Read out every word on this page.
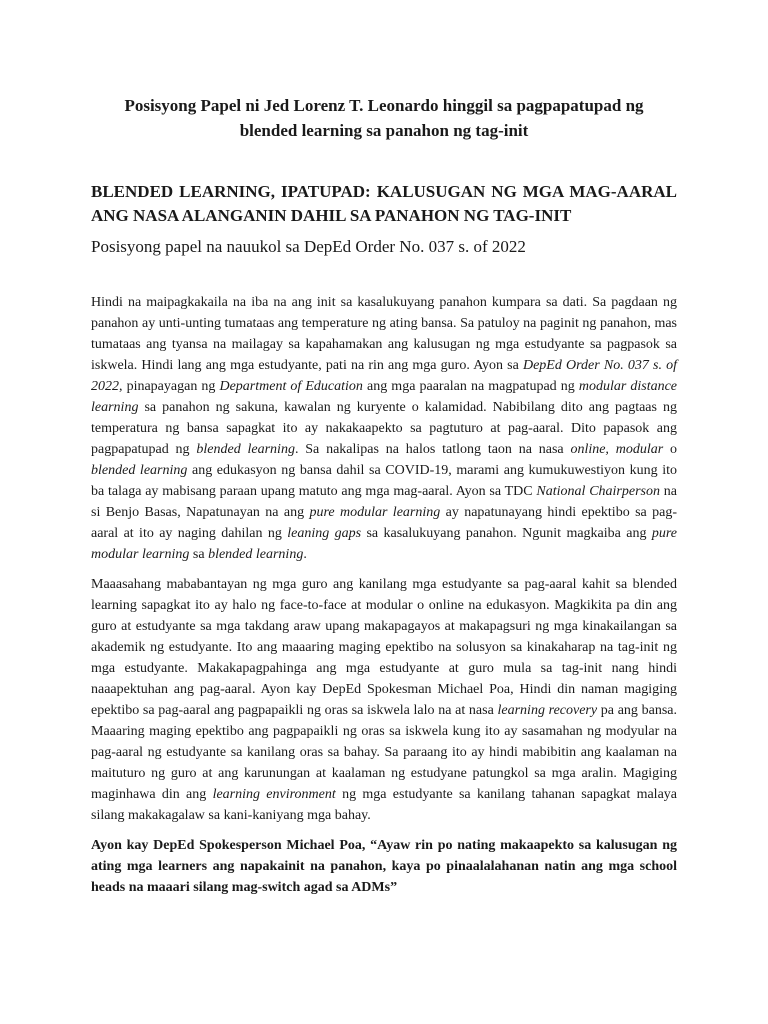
Posisyong Papel ni Jed Lorenz T. Leonardo hinggil sa pagpapatupad ng
blended learning sa panahon ng tag-init
BLENDED LEARNING, IPATUPAD: KALUSUGAN NG MGA MAG-AARAL ANG NASA ALANGANIN DAHIL SA PANAHON NG TAG-INIT
Posisyong papel na nauukol sa DepEd Order No. 037 s. of 2022

Hindi na maipagkakaila na iba na ang init sa kasalukuyang panahon kumpara sa dati. Sa pagdaan ng panahon ay unti-unting tumataas ang temperature ng ating bansa. Sa patuloy na paginit ng panahon, mas tumataas ang tyansa na mailagay sa kapahamakan ang kalusugan ng mga estudyante sa pagpasok sa iskwela. Hindi lang ang mga estudyante, pati na rin ang mga guro. Ayon sa DepEd Order No. 037 s. of 2022, pinapayagan ng Department of Education ang mga paaralan na magpatupad ng modular distance learning sa panahon ng sakuna, kawalan ng kuryente o kalamidad. Nabibilang dito ang pagtaas ng temperatura ng bansa sapagkat ito ay nakakaapekto sa pagtuturo at pag-aaral. Dito papasok ang pagpapatupad ng blended learning. Sa nakalipas na halos tatlong taon na nasa online, modular o blended learning ang edukasyon ng bansa dahil sa COVID-19, marami ang kumukuwestiyon kung ito ba talaga ay mabisang paraan upang matuto ang mga mag-aaral. Ayon sa TDC National Chairperson na si Benjo Basas, Napatunayan na ang pure modular learning ay napatunayang hindi epektibo sa pag-aaral at ito ay naging dahilan ng leaning gaps sa kasalukuyang panahon. Ngunit magkaiba ang pure modular learning sa blended learning.

Maaasahang mababantayan ng mga guro ang kanilang mga estudyante sa pag-aaral kahit sa blended learning sapagkat ito ay halo ng face-to-face at modular o online na edukasyon. Magkikita pa din ang guro at estudyante sa mga takdang araw upang makapagayos at makapagsuri ng mga kinakailangan sa akademik ng estudyante. Ito ang maaaring maging epektibo na solusyon sa kinakaharap na tag-init ng mga estudyante. Makakapagpahinga ang mga estudyante at guro mula sa tag-init nang hindi naaapektuhan ang pag-aaral. Ayon kay DepEd Spokesman Michael Poa, Hindi din naman magiging epektibo sa pag-aaral ang pagpapaikli ng oras sa iskwela lalo na at nasa learning recovery pa ang bansa. Maaaring maging epektibo ang pagpapaikli ng oras sa iskwela kung ito ay sasamahan ng modyular na pag-aaral ng estudyante sa kanilang oras sa bahay. Sa paraang ito ay hindi mabibitin ang kaalaman na maituturo ng guro at ang karunungan at kaalaman ng estudyane patungkol sa mga aralin. Magiging maginhawa din ang learning environment ng mga estudyante sa kanilang tahanan sapagkat malaya silang makakagalaw sa kani-kaniyang mga bahay.

Ayon kay DepEd Spokesperson Michael Poa, “Ayaw rin po nating makaapekto sa kalusugan ng ating mga learners ang napakainit na panahon, kaya po pinaalalahanan natin ang mga school heads na maaari silang mag-switch agad sa ADMs”
